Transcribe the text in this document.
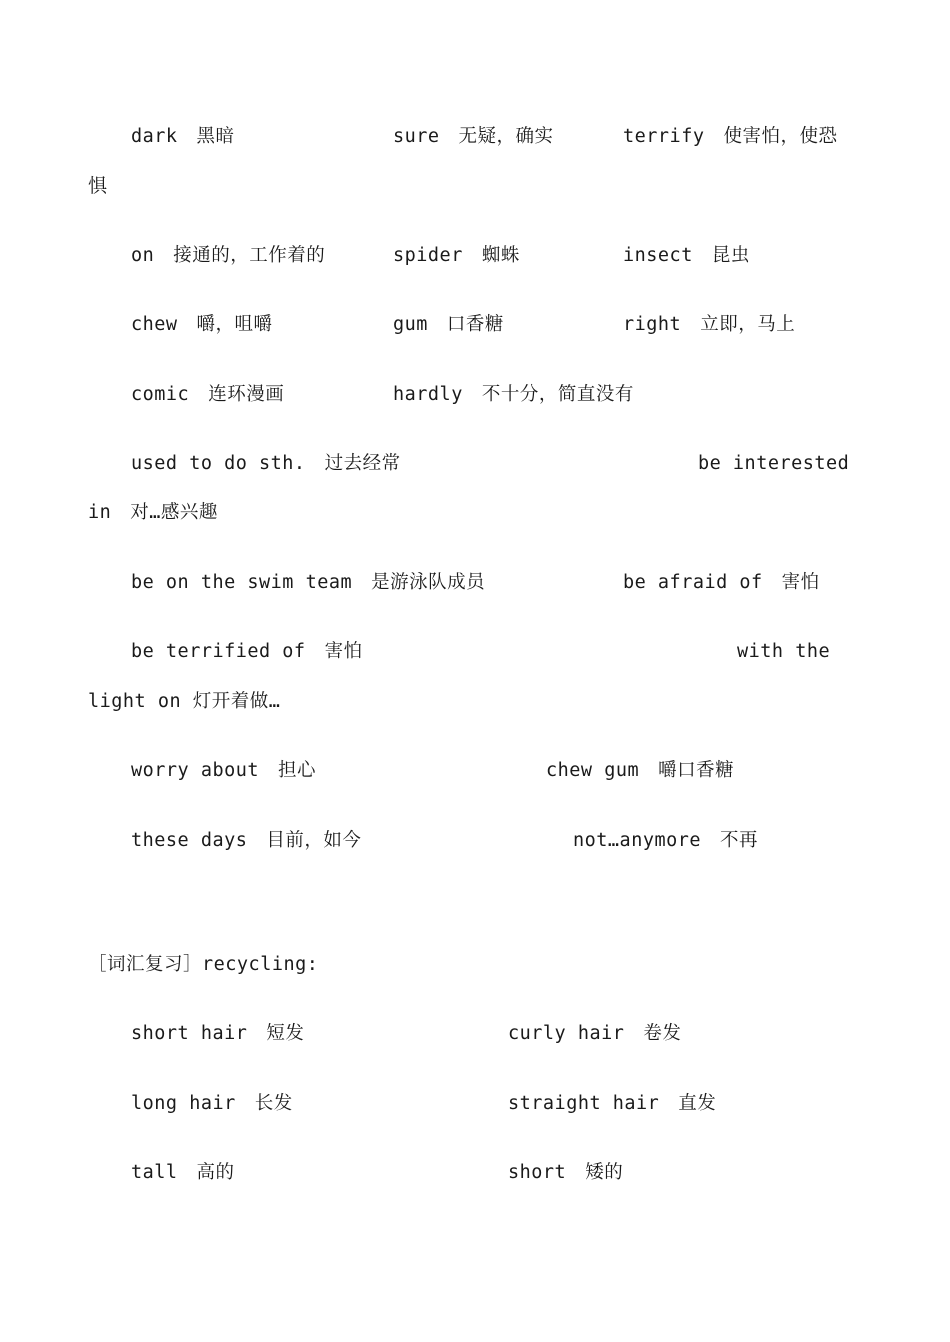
dark　黑暗	sure　无疑，确实	terrify　使害怕，使恐
惧
on　接通的，工作着的	spider　蜘蛛	insect　昆虫
chew　嚼，咀嚼	gum　口香糖	right　立即，马上
comic　连环漫画	hardly　不十分，简直没有
used to do sth.　过去经常	be interested
in　对…感兴趣
be on the swim team　是游泳队成员	be afraid of　害怕
be terrified of　害怕	with the
light on 灯开着做…
worry about　担心	chew gum　嚼口香糖
these days　目前，如今	not…anymore　不再
［词汇复习］recycling:
short hair　短发	curly hair　卷发
long hair　长发	straight hair　直发
tall　高的	short　矮的
